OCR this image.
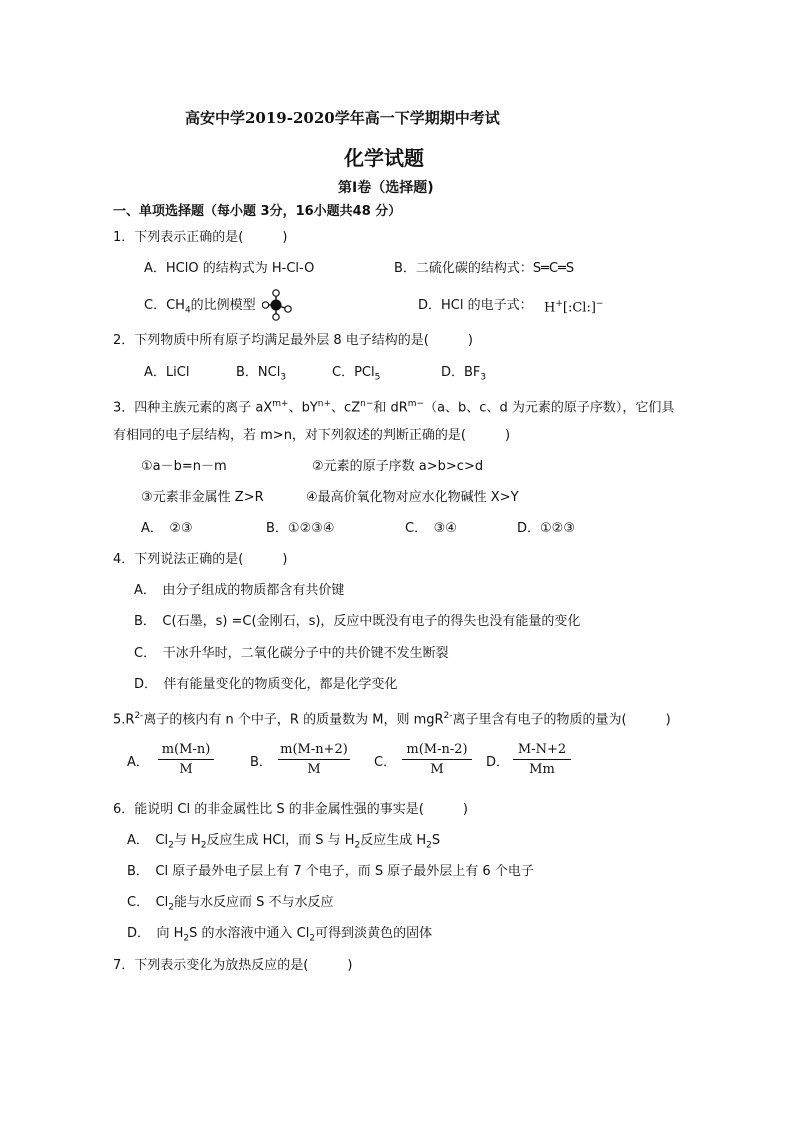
高安中学2019-2020学年高一下学期期中考试
化学试题
第Ⅰ卷（选择题)
一、单项选择题（每小题 3分，16小题共48 分）
1．下列表示正确的是(　　　)
A．HClO 的结构式为 H-Cl-O	B．二硫化碳的结构式：S═C═S
C．$CH_4$的比例模型	D．HCl 的电子式： H+[:Cl:]−
2．下列物质中所有原子均满足最外层 8 电子结构的是(　　　)
A．LiCl	B．NCl$_3$	C．PCl$_5$	D．$BF_3$
3．四种主族元素的离子 $aX^{m+}$、$bY^{n+}$、$cZ^{n-}$和 $dR^{m-}(a$、b、c、d 为元素的原子序数），它们具
有相同的电子层结构，若 m>n，对下列叙述的判断正确的是(　　　)
①a－b=n－m	②元素的原子序数 a>b>c>d
③元素非金属性 Z>R	④最高价氧化物对应水化物碱性 X>Y
A．　②③	B．①②③④	C．　③④	D．①②③
4．下列说法正确的是(　　　)
A．　由分子组成的物质都含有共价键
B．　C(石墨，s) =C(金刚石，s)，反应中既没有电子的得失也没有能量的变化
C．　干冰升华时，二氧化碳分子中的共价键不发生断裂
D．　伴有能量变化的物质变化，都是化学变化
$5.R^{2-}$离子的核内有 n 个中子，R 的质量数为 M，则 mgR$^{2-}$离子里含有电子的物质的量为(　　　)
A． $\frac{m(M-n)}{M}$	B． $\frac{m(M-n+2)}{M}$ C． $\frac{m(M-n-2)}{M}$ D． $\frac{M-N+2}{Mm}$
6．能说明 Cl 的非金属性比 S 的非金属性强的事实是(　　　)
A．　$Cl_2$与 $H_2$反应生成 HCl，而 S 与 $H_2$反应生成 $H_2S$
B．　Cl 原子最外电子层上有 7 个电子，而 S 原子最外层上有 6 个电子
C．　$Cl_2$能与水反应而 S 不与水反应
D．　向 $H_2S$ 的水溶液中通入 $Cl_2$可得到淡黄色的固体
7．下列表示变化为放热反应的是(　　　)
